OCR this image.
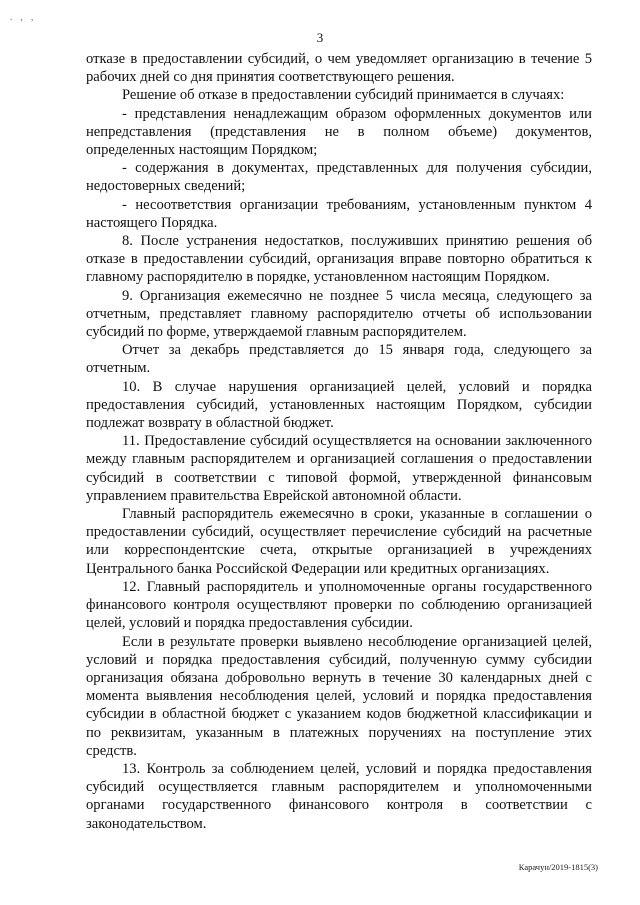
. , ,
3

отказе в предоставлении субсидий, о чем уведомляет организацию в течение 5 рабочих дней со дня принятия соответствующего решения.

Решение об отказе в предоставлении субсидий принимается в случаях:

- представления ненадлежащим образом оформленных документов или непредставления (представления не в полном объеме) документов, определенных настоящим Порядком;

- содержания в документах, представленных для получения субсидии, недостоверных сведений;

- несоответствия организации требованиям, установленным пунктом 4 настоящего Порядка.

8. После устранения недостатков, послуживших принятию решения об отказе в предоставлении субсидий, организация вправе повторно обратиться к главному распорядителю в порядке, установленном настоящим Порядком.

9. Организация ежемесячно не позднее 5 числа месяца, следующего за отчетным, представляет главному распорядителю отчеты об использовании субсидий по форме, утверждаемой главным распорядителем.

Отчет за декабрь представляется до 15 января года, следующего за отчетным.

10. В случае нарушения организацией целей, условий и порядка предоставления субсидий, установленных настоящим Порядком, субсидии подлежат возврату в областной бюджет.

11. Предоставление субсидий осуществляется на основании заключенного между главным распорядителем и организацией соглашения о предоставлении субсидий в соответствии с типовой формой, утвержденной финансовым управлением правительства Еврейской автономной области.

Главный распорядитель ежемесячно в сроки, указанные в соглашении о предоставлении субсидий, осуществляет перечисление субсидий на расчетные или корреспондентские счета, открытые организацией в учреждениях Центрального банка Российской Федерации или кредитных организациях.

12. Главный распорядитель и уполномоченные органы государственного финансового контроля осуществляют проверки по соблюдению организацией целей, условий и порядка предоставления субсидии.

Если в результате проверки выявлено несоблюдение организацией целей, условий и порядка предоставления субсидий, полученную сумму субсидии организация обязана добровольно вернуть в течение 30 календарных дней с момента выявления несоблюдения целей, условий и порядка предоставления субсидии в областной бюджет с указанием кодов бюджетной классификации и по реквизитам, указанным в платежных поручениях на поступление этих средств.

13. Контроль за соблюдением целей, условий и порядка предоставления субсидий осуществляется главным распорядителем и уполномоченными органами государственного финансового контроля в соответствии с законодательством.

Карачун/2019-1815(3)
